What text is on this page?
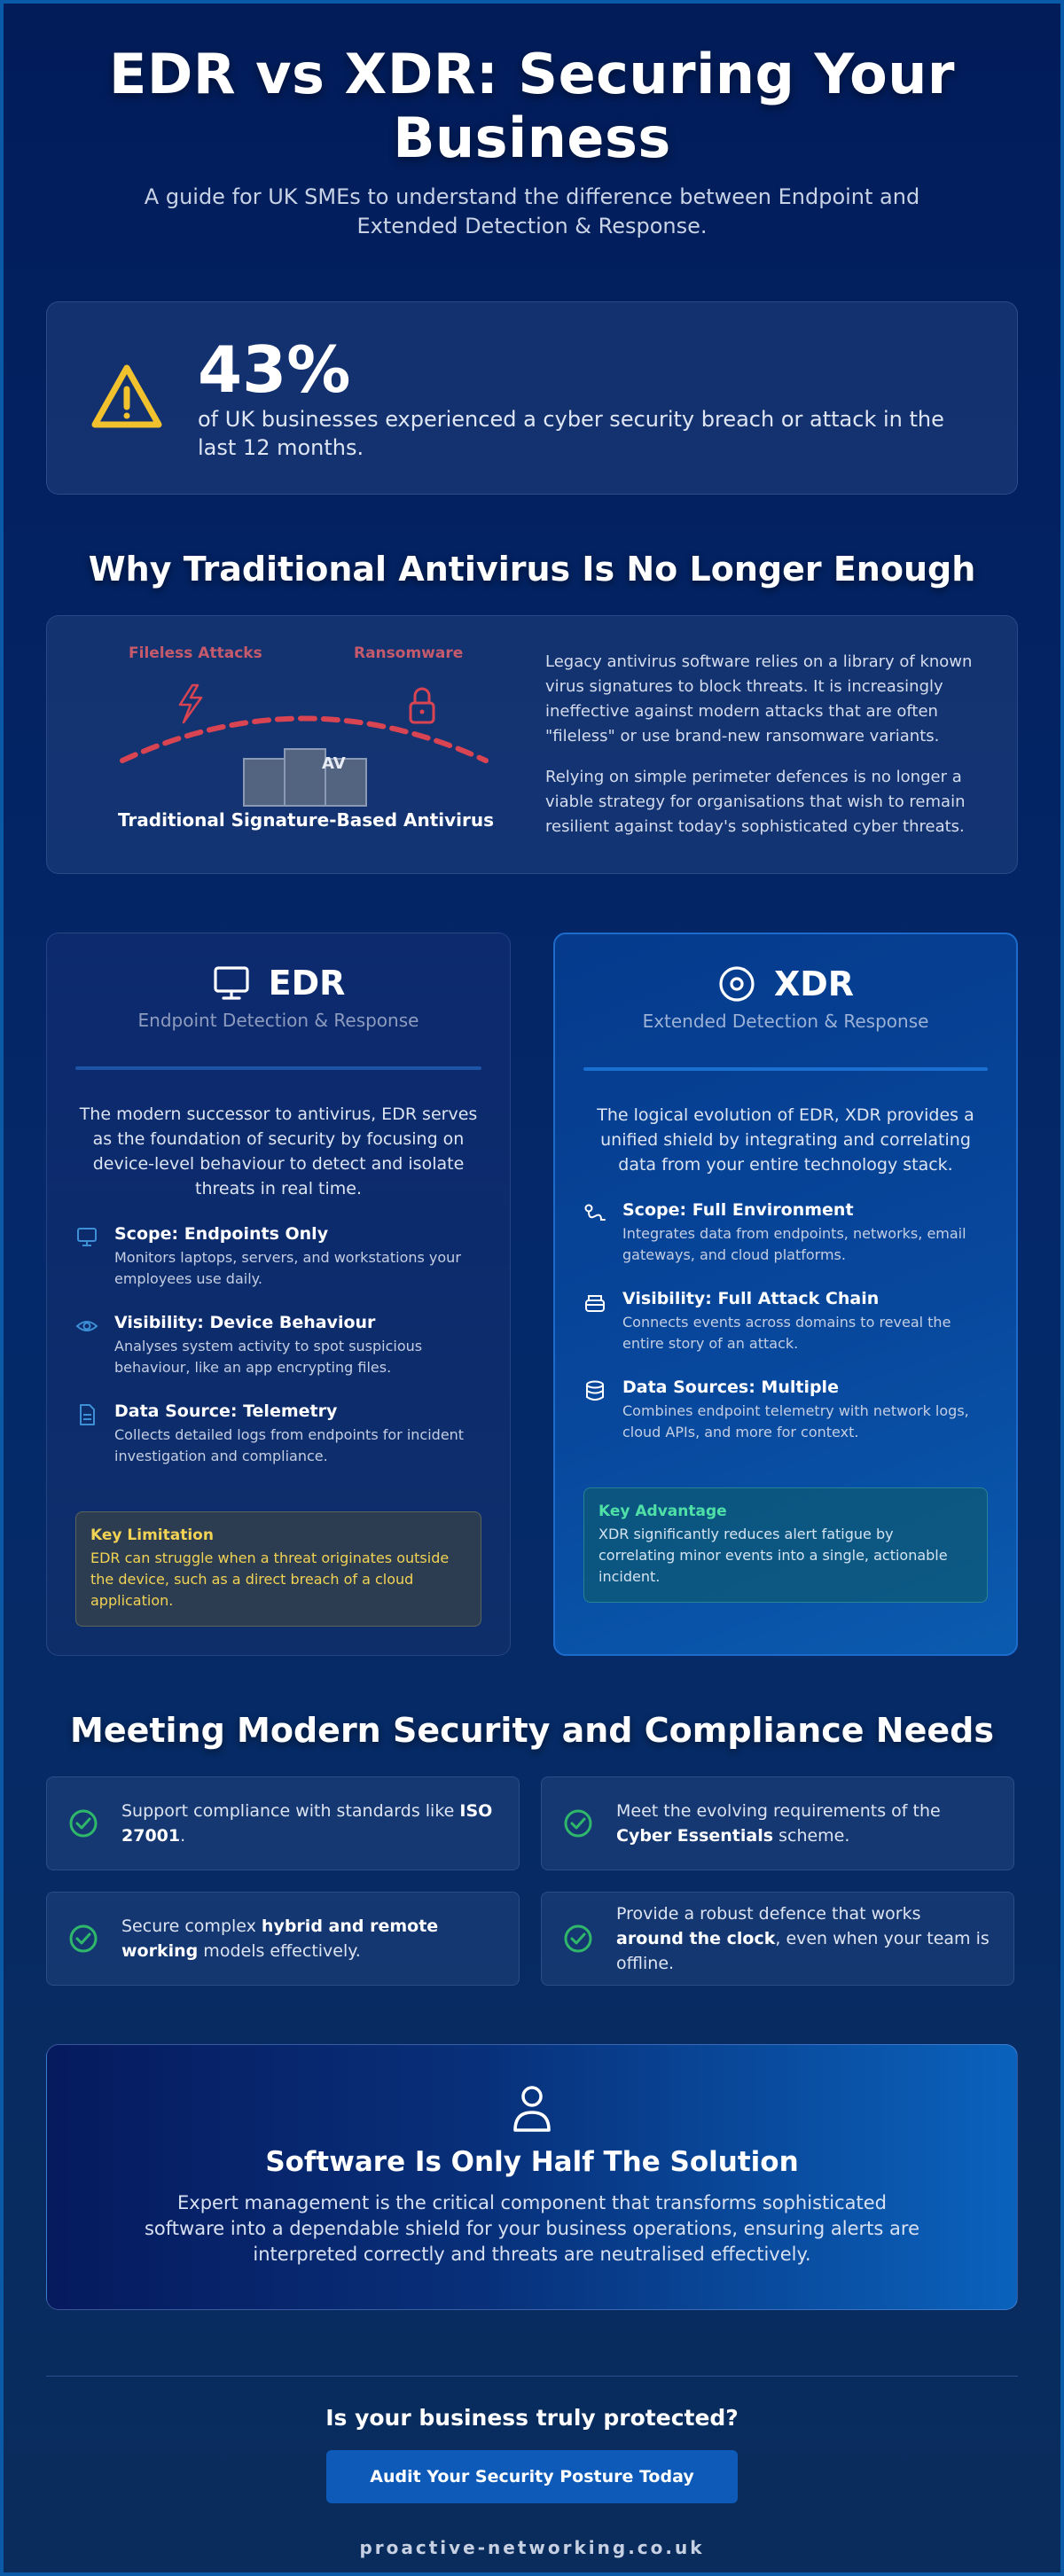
EDR vs XDR: Securing Your Business

A guide for UK SMEs to understand the difference between Endpoint and Extended Detection & Response.

43%
of UK businesses experienced a cyber security breach or attack in the last 12 months.
Why Traditional Antivirus Is No Longer Enough
Fileless Attacks	Ransomware
AV
Traditional Signature-Based Antivirus

Legacy antivirus software relies on a library of known virus signatures to block threats. It is increasingly ineffective against modern attacks that are often "fileless" or use brand-new ransomware variants.

Relying on simple perimeter defences is no longer a viable strategy for organisations that wish to remain resilient against today's sophisticated cyber threats.

EDR
Endpoint Detection & Response

The modern successor to antivirus, EDR serves as the foundation of security by focusing on device-level behaviour to detect and isolate threats in real time.

Scope: Endpoints Only
Monitors laptops, servers, and workstations your employees use daily.
Visibility: Device Behaviour
Analyses system activity to spot suspicious behaviour, like an app encrypting files.
Data Source: Telemetry
Collects detailed logs from endpoints for incident investigation and compliance.
Key Limitation
EDR can struggle when a threat originates outside the device, such as a direct breach of a cloud application.
XDR
Extended Detection & Response

The logical evolution of EDR, XDR provides a unified shield by integrating and correlating data from your entire technology stack.

Scope: Full Environment
Integrates data from endpoints, networks, email gateways, and cloud platforms.
Visibility: Full Attack Chain
Connects events across domains to reveal the entire story of an attack.
Data Sources: Multiple
Combines endpoint telemetry with network logs, cloud APIs, and more for context.
Key Advantage
XDR significantly reduces alert fatigue by correlating minor events into a single, actionable incident.
Meeting Modern Security and Compliance Needs
Support compliance with standards like ISO 27001.
Meet the evolving requirements of the Cyber Essentials scheme.
Secure complex hybrid and remote working models effectively.
Provide a robust defence that works around the clock, even when your team is offline.
Software Is Only Half The Solution

Expert management is the critical component that transforms sophisticated software into a dependable shield for your business operations, ensuring alerts are interpreted correctly and threats are neutralised effectively.

Is your business truly protected?
Audit Your Security Posture Today
proactive-networking.co.uk
